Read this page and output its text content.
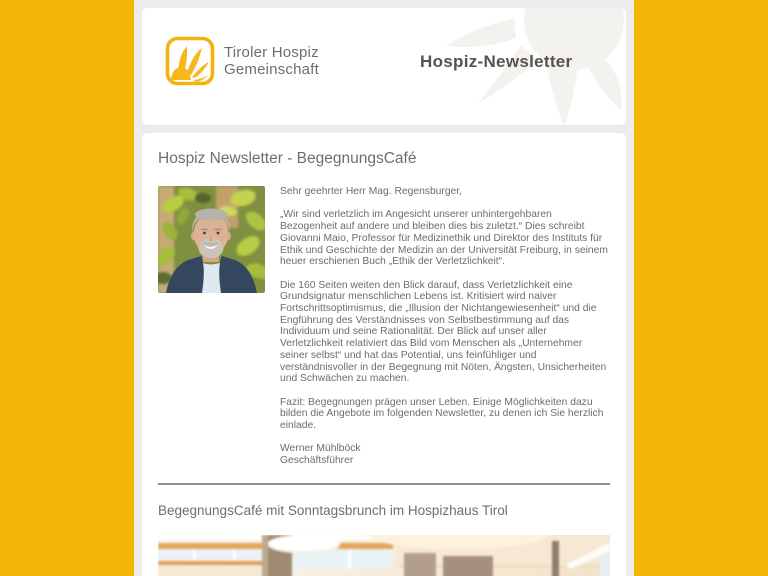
Tiroler Hospiz
Gemeinschaft	Hospiz-Newsletter
Hospiz Newsletter - BegegnungsCafé

Sehr geehrter Herr Mag. Regensburger,

„Wir sind verletzlich im Angesicht unserer unhintergehbaren Bezogenheit auf andere und bleiben dies bis zuletzt.“ Dies schreibt Giovanni Maio, Professor für Medizinethik und Direktor des Instituts für Ethik und Geschichte der Medizin an der Universität Freiburg, in seinem heuer erschienen Buch „Ethik der Verletzlichkeit“.

Die 160 Seiten weiten den Blick darauf, dass Verletzlichkeit eine Grundsignatur menschlichen Lebens ist. Kritisiert wird naiver Fortschrittsoptimismus, die „Illusion der Nichtangewiesenheit“ und die Engführung des Verständnisses von Selbstbestimmung auf das Individuum und seine Rationalität. Der Blick auf unser aller Verletzlichkeit relativiert das Bild vom Menschen als „Unternehmer seiner selbst“ und hat das Potential, uns feinfühliger und verständnisvoller in der Begegnung mit Nöten, Ängsten, Unsicherheiten und Schwächen zu machen.

Fazit: Begegnungen prägen unser Leben. Einige Möglichkeiten dazu bilden die Angebote im folgenden Newsletter, zu denen ich Sie herzlich einlade.

Werner Mühlböck

Geschäftsführer

BegegnungsCafé mit Sonntagsbrunch im Hospizhaus Tirol
